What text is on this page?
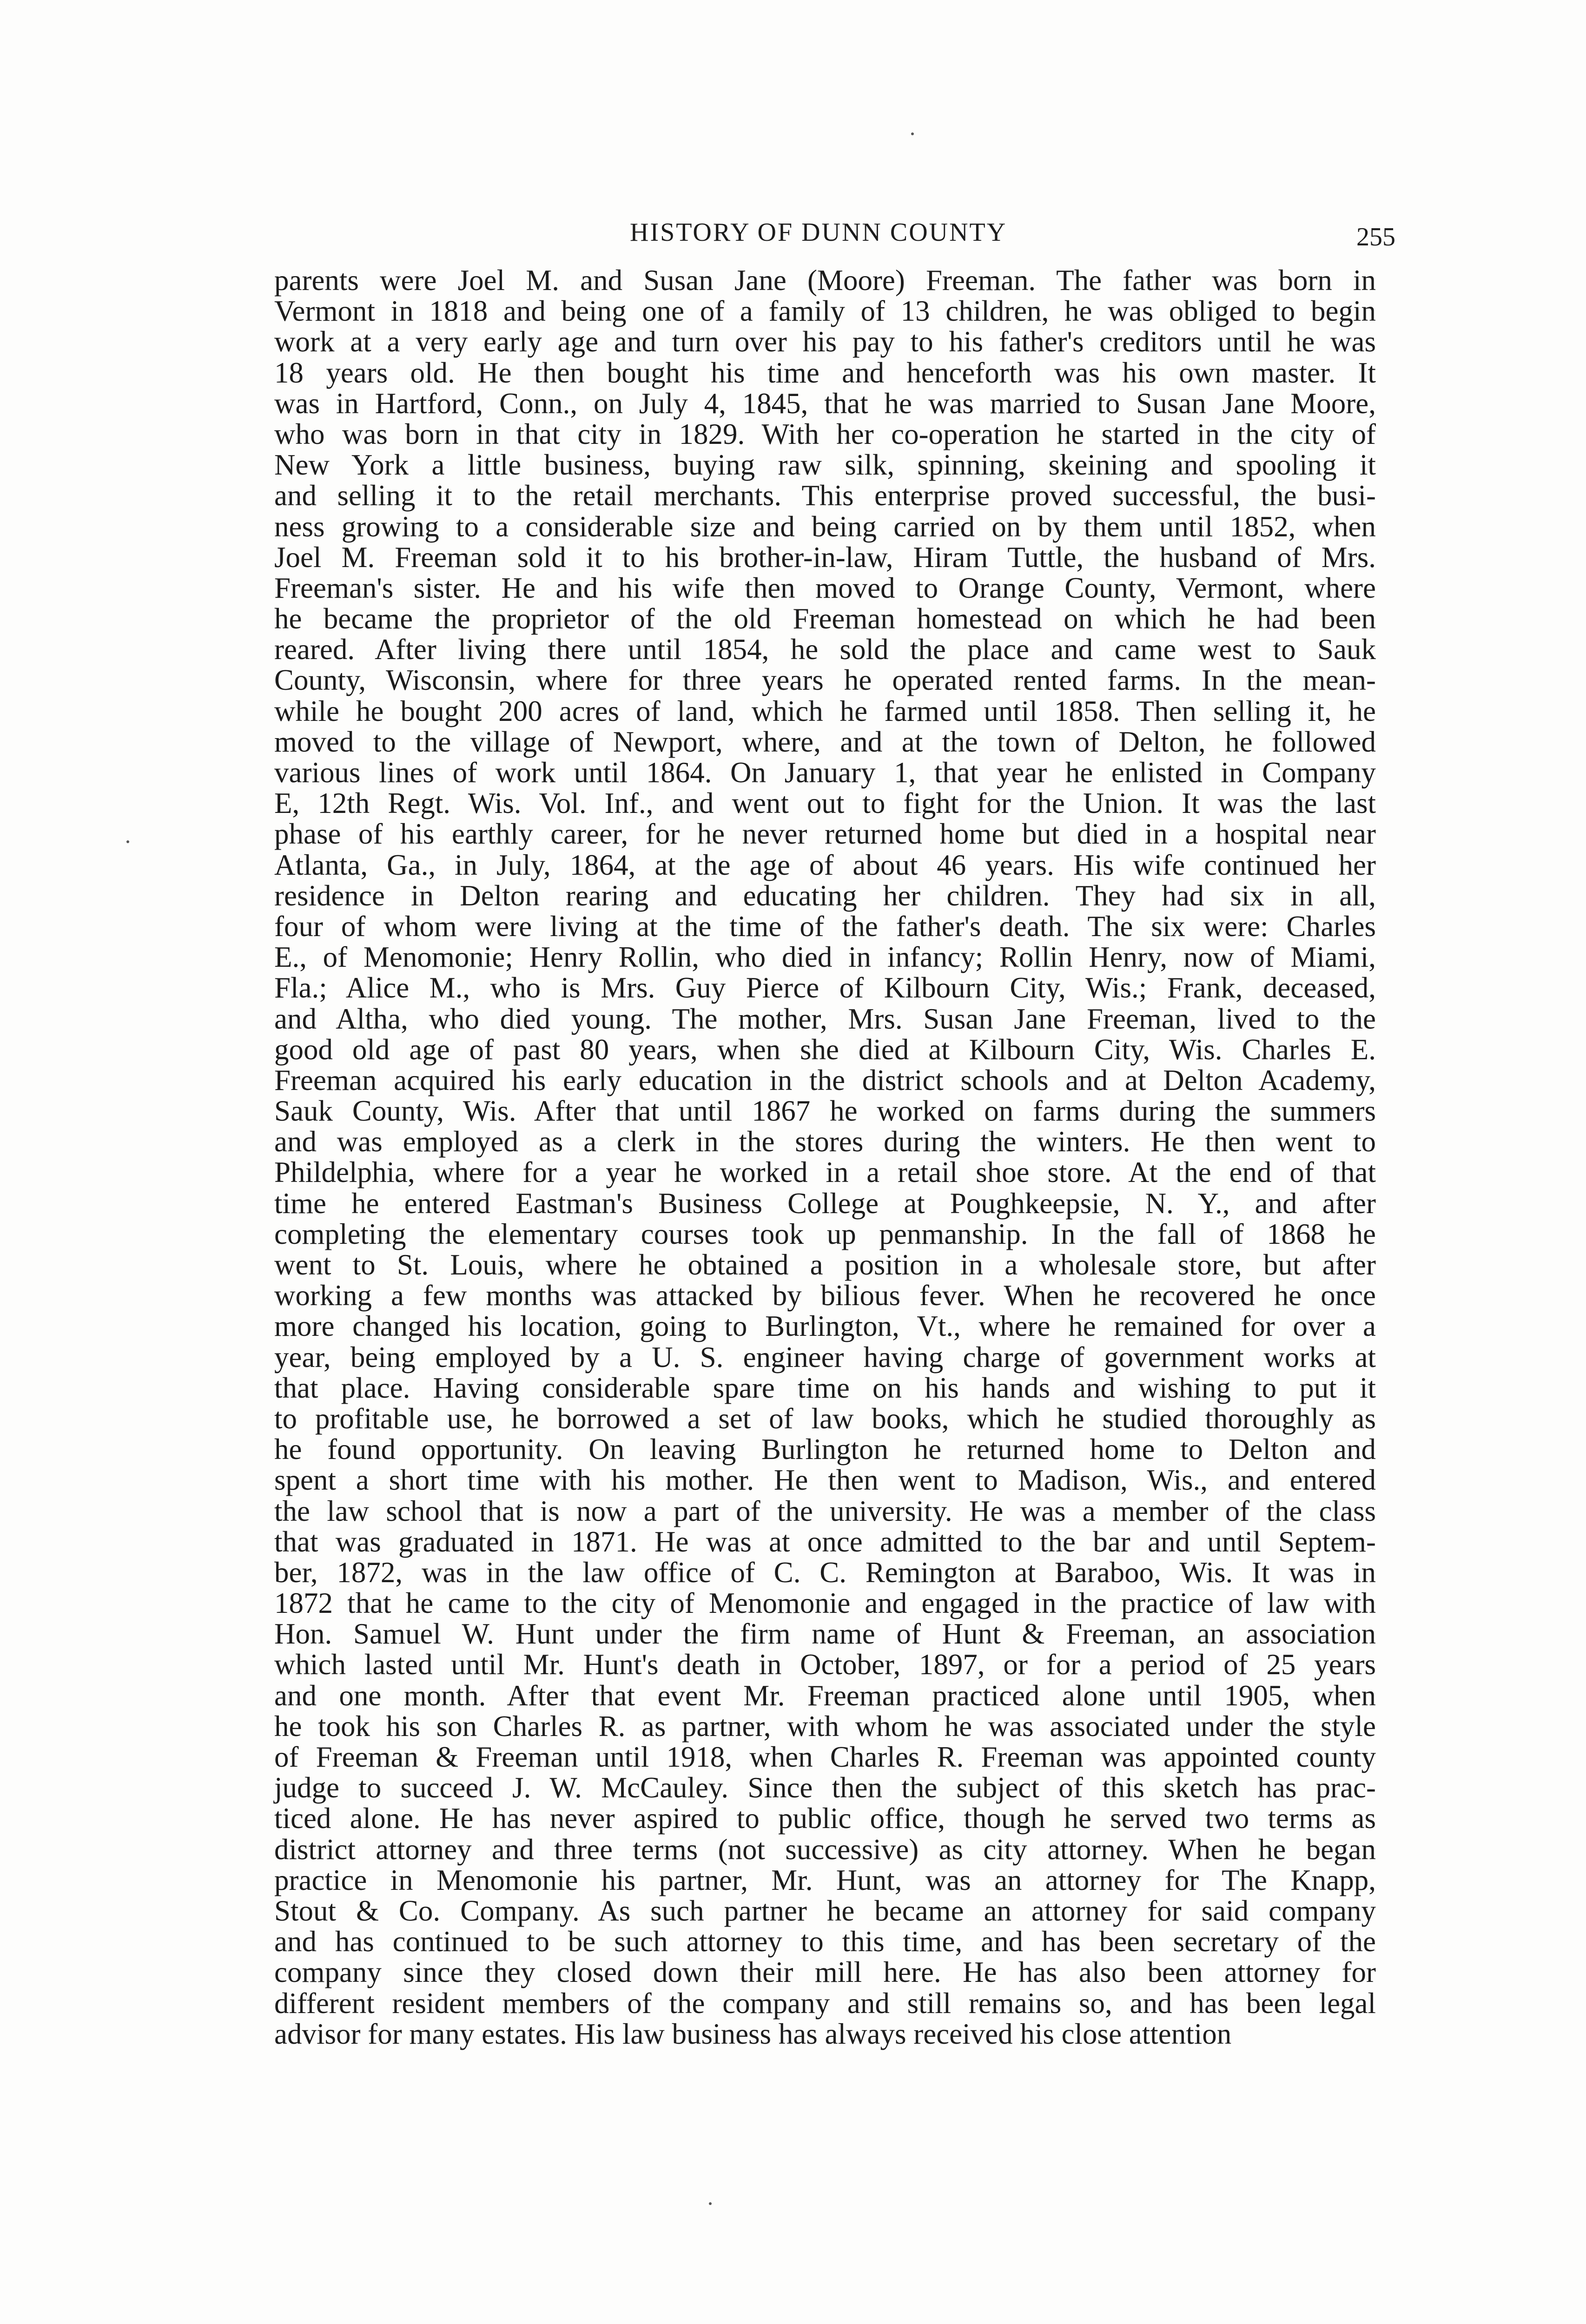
HISTORY OF DUNN COUNTY	255
parents were Joel M. and Susan Jane (Moore) Freeman. The father was born in
Vermont in 1818 and being one of a family of 13 children, he was obliged to begin
work at a very early age and turn over his pay to his father's creditors until he was
18 years old. He then bought his time and henceforth was his own master. It
was in Hartford, Conn., on July 4, 1845, that he was married to Susan Jane Moore,
who was born in that city in 1829. With her co-operation he started in the city of
New York a little business, buying raw silk, spinning, skeining and spooling it
and selling it to the retail merchants. This enterprise proved successful, the busi-
ness growing to a considerable size and being carried on by them until 1852, when
Joel M. Freeman sold it to his brother-in-law, Hiram Tuttle, the husband of Mrs.
Freeman's sister. He and his wife then moved to Orange County, Vermont, where
he became the proprietor of the old Freeman homestead on which he had been
reared. After living there until 1854, he sold the place and came west to Sauk
County, Wisconsin, where for three years he operated rented farms. In the mean-
while he bought 200 acres of land, which he farmed until 1858. Then selling it, he
moved to the village of Newport, where, and at the town of Delton, he followed
various lines of work until 1864. On January 1, that year he enlisted in Company
E, 12th Regt. Wis. Vol. Inf., and went out to fight for the Union. It was the last
phase of his earthly career, for he never returned home but died in a hospital near
Atlanta, Ga., in July, 1864, at the age of about 46 years. His wife continued her
residence in Delton rearing and educating her children. They had six in all,
four of whom were living at the time of the father's death. The six were: Charles
E., of Menomonie; Henry Rollin, who died in infancy; Rollin Henry, now of Miami,
Fla.; Alice M., who is Mrs. Guy Pierce of Kilbourn City, Wis.; Frank, deceased,
and Altha, who died young. The mother, Mrs. Susan Jane Freeman, lived to the
good old age of past 80 years, when she died at Kilbourn City, Wis. Charles E.
Freeman acquired his early education in the district schools and at Delton Academy,
Sauk County, Wis. After that until 1867 he worked on farms during the summers
and was employed as a clerk in the stores during the winters. He then went to
Phildelphia, where for a year he worked in a retail shoe store. At the end of that
time he entered Eastman's Business College at Poughkeepsie, N. Y., and after
completing the elementary courses took up penmanship. In the fall of 1868 he
went to St. Louis, where he obtained a position in a wholesale store, but after
working a few months was attacked by bilious fever. When he recovered he once
more changed his location, going to Burlington, Vt., where he remained for over a
year, being employed by a U. S. engineer having charge of government works at
that place. Having considerable spare time on his hands and wishing to put it
to profitable use, he borrowed a set of law books, which he studied thoroughly as
he found opportunity. On leaving Burlington he returned home to Delton and
spent a short time with his mother. He then went to Madison, Wis., and entered
the law school that is now a part of the university. He was a member of the class
that was graduated in 1871. He was at once admitted to the bar and until Septem-
ber, 1872, was in the law office of C. C. Remington at Baraboo, Wis. It was in
1872 that he came to the city of Menomonie and engaged in the practice of law with
Hon. Samuel W. Hunt under the firm name of Hunt & Freeman, an association
which lasted until Mr. Hunt's death in October, 1897, or for a period of 25 years
and one month. After that event Mr. Freeman practiced alone until 1905, when
he took his son Charles R. as partner, with whom he was associated under the style
of Freeman & Freeman until 1918, when Charles R. Freeman was appointed county
judge to succeed J. W. McCauley. Since then the subject of this sketch has prac-
ticed alone. He has never aspired to public office, though he served two terms as
district attorney and three terms (not successive) as city attorney. When he began
practice in Menomonie his partner, Mr. Hunt, was an attorney for The Knapp,
Stout & Co. Company. As such partner he became an attorney for said company
and has continued to be such attorney to this time, and has been secretary of the
company since they closed down their mill here. He has also been attorney for
different resident members of the company and still remains so, and has been legal
advisor for many estates. His law business has always received his close attention
